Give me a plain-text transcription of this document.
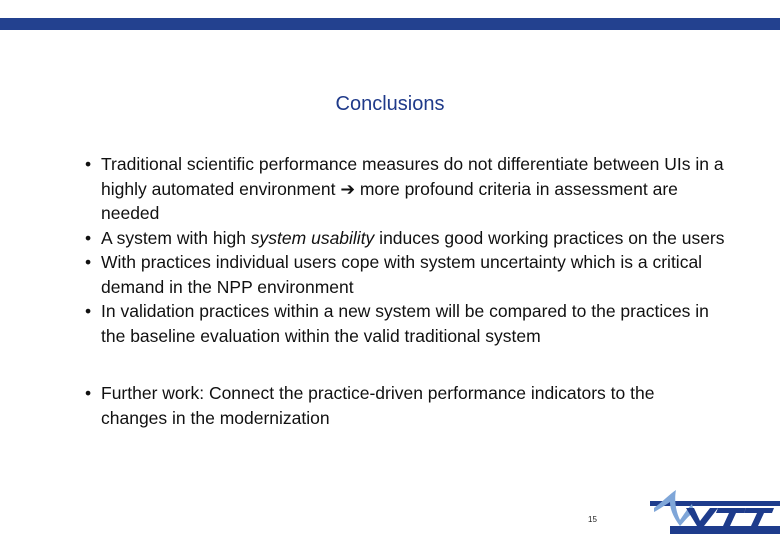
Conclusions
• Traditional scientific performance measures do not differentiate between UIs in a highly automated environment ➔ more profound criteria in assessment are needed
• A system with high system usability induces good working practices on the users
• With practices individual users cope with system uncertainty which is a critical demand in the NPP environment
• In validation practices within a new system will be compared to the practices in the baseline evaluation within the valid traditional system
• Further work: Connect the practice-driven performance indicators to the changes in the modernization
15
